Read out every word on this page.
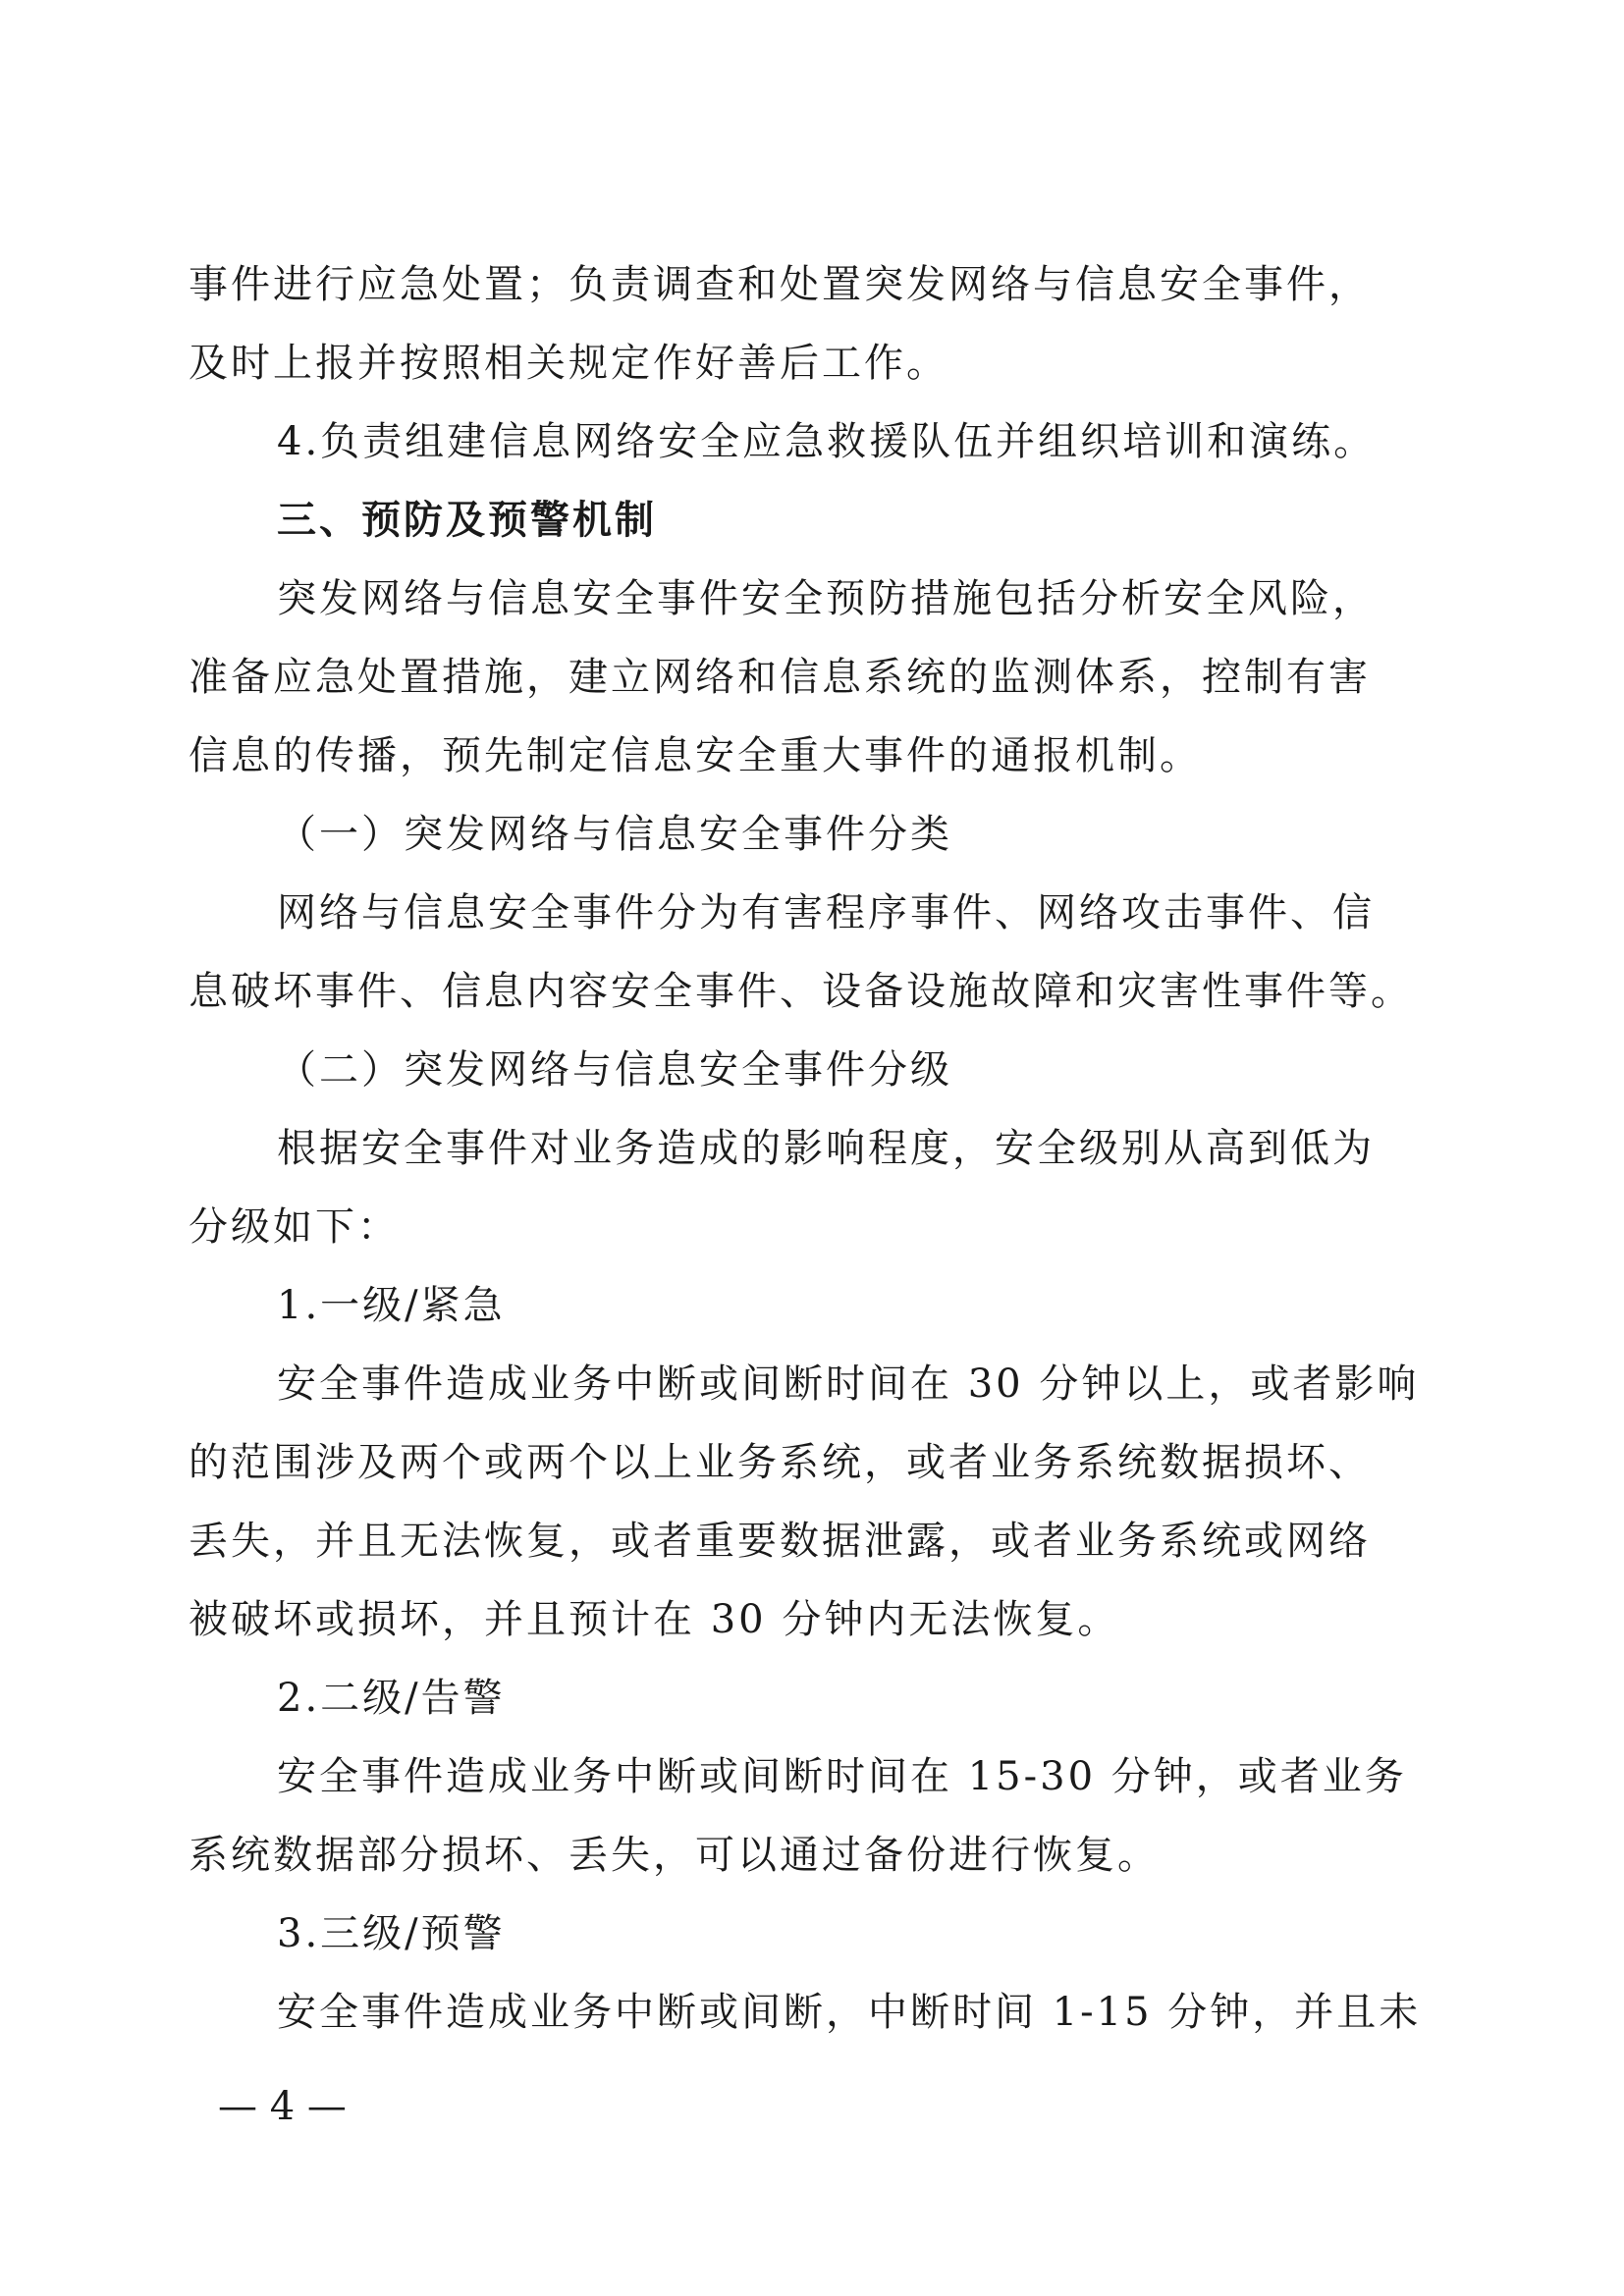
事件进行应急处置；负责调查和处置突发网络与信息安全事件，
及时上报并按照相关规定作好善后工作。
4.负责组建信息网络安全应急救援队伍并组织培训和演练。
三、预防及预警机制
突发网络与信息安全事件安全预防措施包括分析安全风险，
准备应急处置措施，建立网络和信息系统的监测体系，控制有害
信息的传播，预先制定信息安全重大事件的通报机制。
（一）突发网络与信息安全事件分类
网络与信息安全事件分为有害程序事件、网络攻击事件、信
息破坏事件、信息内容安全事件、设备设施故障和灾害性事件等。
（二）突发网络与信息安全事件分级
根据安全事件对业务造成的影响程度，安全级别从高到低为
分级如下：
1.一级/紧急
安全事件造成业务中断或间断时间在 30 分钟以上，或者影响
的范围涉及两个或两个以上业务系统，或者业务系统数据损坏、
丢失，并且无法恢复，或者重要数据泄露，或者业务系统或网络
被破坏或损坏，并且预计在 30 分钟内无法恢复。
2.二级/告警
安全事件造成业务中断或间断时间在 15-30 分钟，或者业务
系统数据部分损坏、丢失，可以通过备份进行恢复。
3.三级/预警
安全事件造成业务中断或间断，中断时间 1-15 分钟，并且未
— 4 —
